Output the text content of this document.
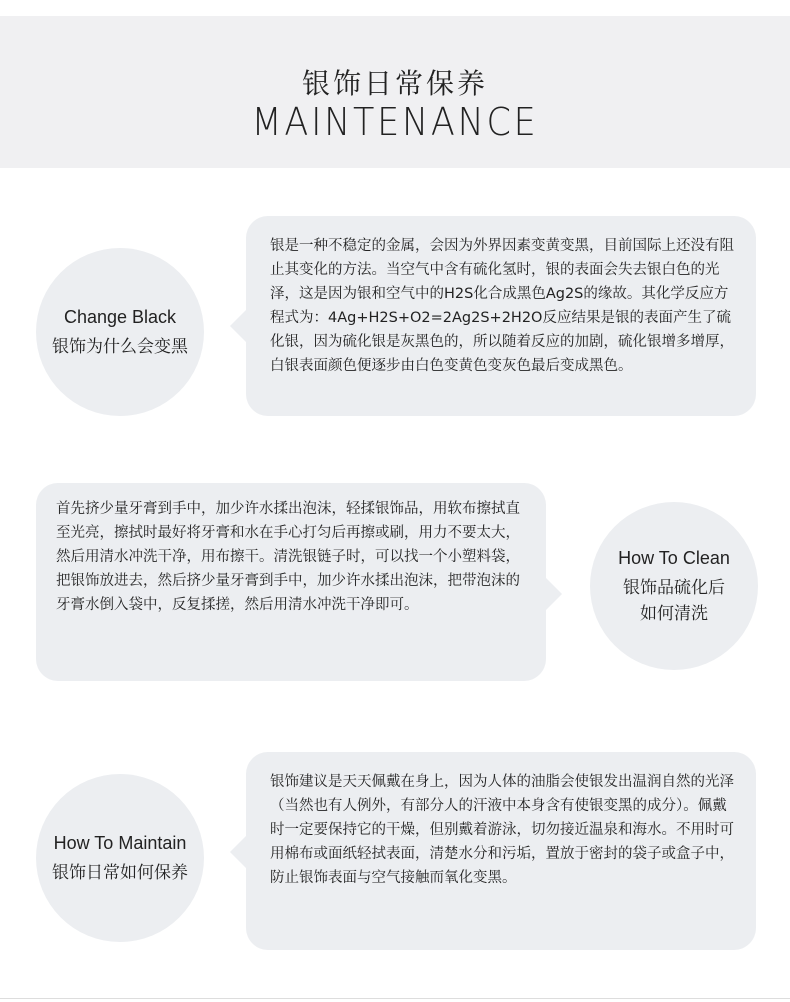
银饰日常保养
MAINTENANCE
Change Black
银饰为什么会变黑

银是一种不稳定的金属，会因为外界因素变黄变黑，目前国际上还没有阻止其变化的方法。当空气中含有硫化氢时，银的表面会失去银白色的光泽，这是因为银和空气中的H2S化合成黑色Ag2S的缘故。其化学反应方程式为：4Ag+H2S+O2=2Ag2S+2H2O反应结果是银的表面产生了硫化银，因为硫化银是灰黑色的，所以随着反应的加剧，硫化银增多增厚，白银表面颜色便逐步由白色变黄色变灰色最后变成黑色。

首先挤少量牙膏到手中，加少许水揉出泡沫，轻揉银饰品，用软布擦拭直至光亮，擦拭时最好将牙膏和水在手心打匀后再擦或刷，用力不要太大，然后用清水冲洗干净，用布擦干。清洗银链子时，可以找一个小塑料袋，把银饰放进去，然后挤少量牙膏到手中，加少许水揉出泡沫，把带泡沫的牙膏水倒入袋中，反复揉搓，然后用清水冲洗干净即可。

How To Clean
银饰品硫化后
如何清洗
How To Maintain
银饰日常如何保养

银饰建议是天天佩戴在身上，因为人体的油脂会使银发出温润自然的光泽（当然也有人例外，有部分人的汗液中本身含有使银变黑的成分）。佩戴时一定要保持它的干燥，但别戴着游泳，切勿接近温泉和海水。不用时可用棉布或面纸轻拭表面，清楚水分和污垢，置放于密封的袋子或盒子中，防止银饰表面与空气接触而氧化变黑。
